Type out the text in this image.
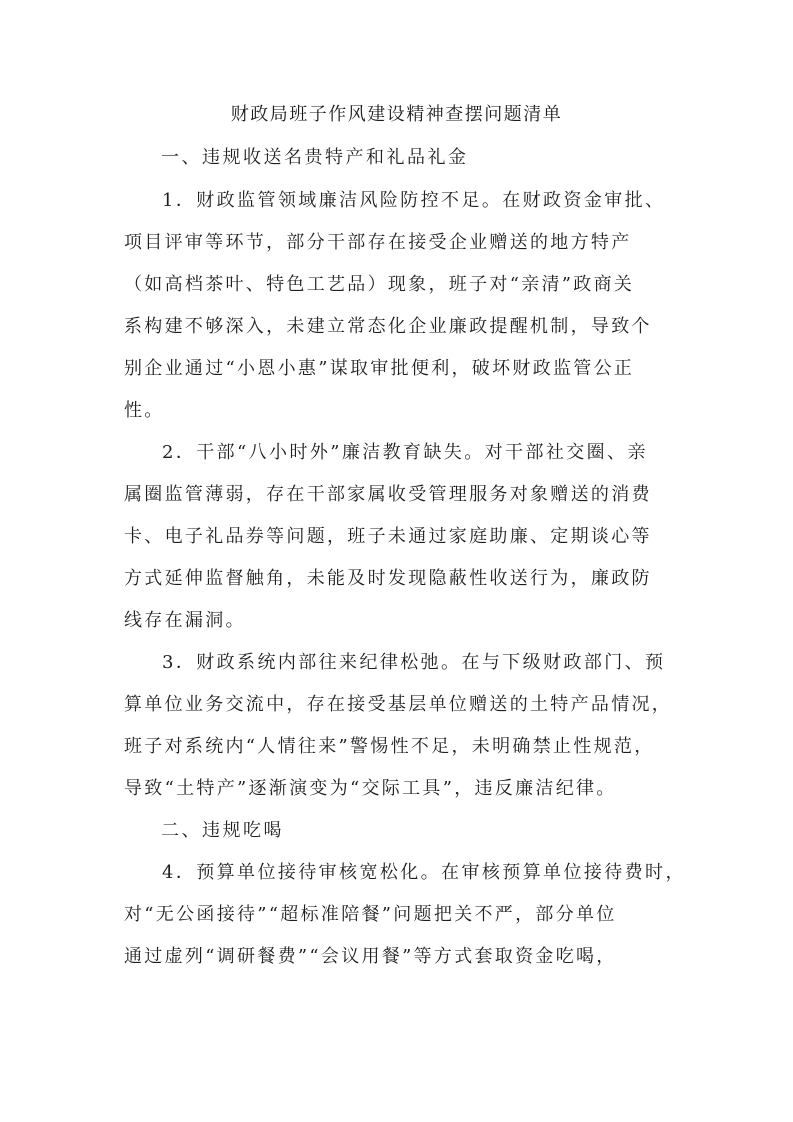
财政局班子作风建设精神查摆问题清单
一、违规收送名贵特产和礼品礼金
1．财政监管领域廉洁风险防控不足。在财政资金审批、
项目评审等环节，部分干部存在接受企业赠送的地方特产
（如高档茶叶、特色工艺品）现象，班子对“亲清”政商关
系构建不够深入，未建立常态化企业廉政提醒机制，导致个
别企业通过“小恩小惠”谋取审批便利，破坏财政监管公正
性。
2．干部“八小时外”廉洁教育缺失。对干部社交圈、亲
属圈监管薄弱，存在干部家属收受管理服务对象赠送的消费
卡、电子礼品券等问题，班子未通过家庭助廉、定期谈心等
方式延伸监督触角，未能及时发现隐蔽性收送行为，廉政防
线存在漏洞。
3．财政系统内部往来纪律松弛。在与下级财政部门、预
算单位业务交流中，存在接受基层单位赠送的土特产品情况，
班子对系统内“人情往来”警惕性不足，未明确禁止性规范，
导致“土特产”逐渐演变为“交际工具”，违反廉洁纪律。
二、违规吃喝
4．预算单位接待审核宽松化。在审核预算单位接待费时，
对“无公函接待”“超标准陪餐”问题把关不严，部分单位
通过虚列“调研餐费”“会议用餐”等方式套取资金吃喝，
